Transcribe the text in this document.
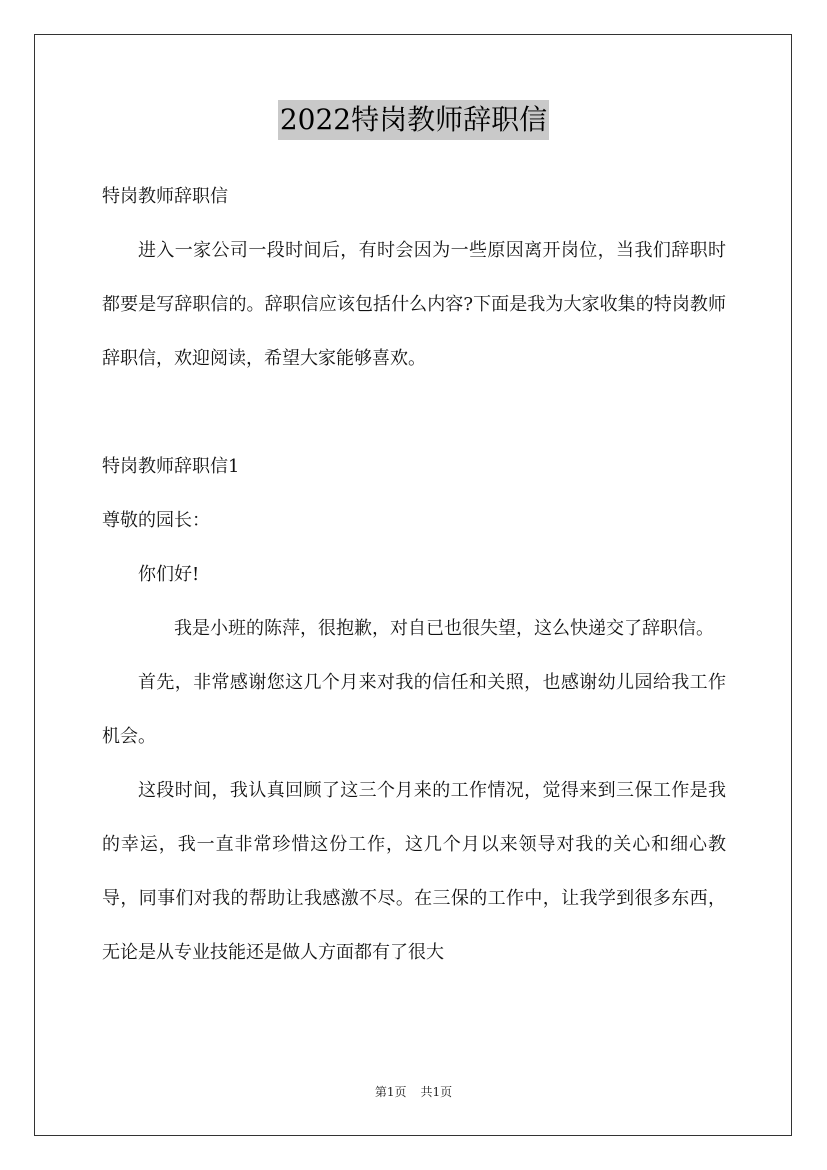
2022特岗教师辞职信

特岗教师辞职信

进入一家公司一段时间后，有时会因为一些原因离开岗位，当我们辞职时都要是写辞职信的。辞职信应该包括什么内容?下面是我为大家收集的特岗教师辞职信，欢迎阅读，希望大家能够喜欢。

特岗教师辞职信1

尊敬的园长：

你们好!

我是小班的陈萍，很抱歉，对自已也很失望，这么快递交了辞职信。

首先，非常感谢您这几个月来对我的信任和关照，也感谢幼儿园给我工作机会。

这段时间，我认真回顾了这三个月来的工作情况，觉得来到三保工作是我的幸运，我一直非常珍惜这份工作，这几个月以来领导对我的关心和细心教导，同事们对我的帮助让我感激不尽。在三保的工作中，让我学到很多东西，无论是从专业技能还是做人方面都有了很大

第1页 共1页
